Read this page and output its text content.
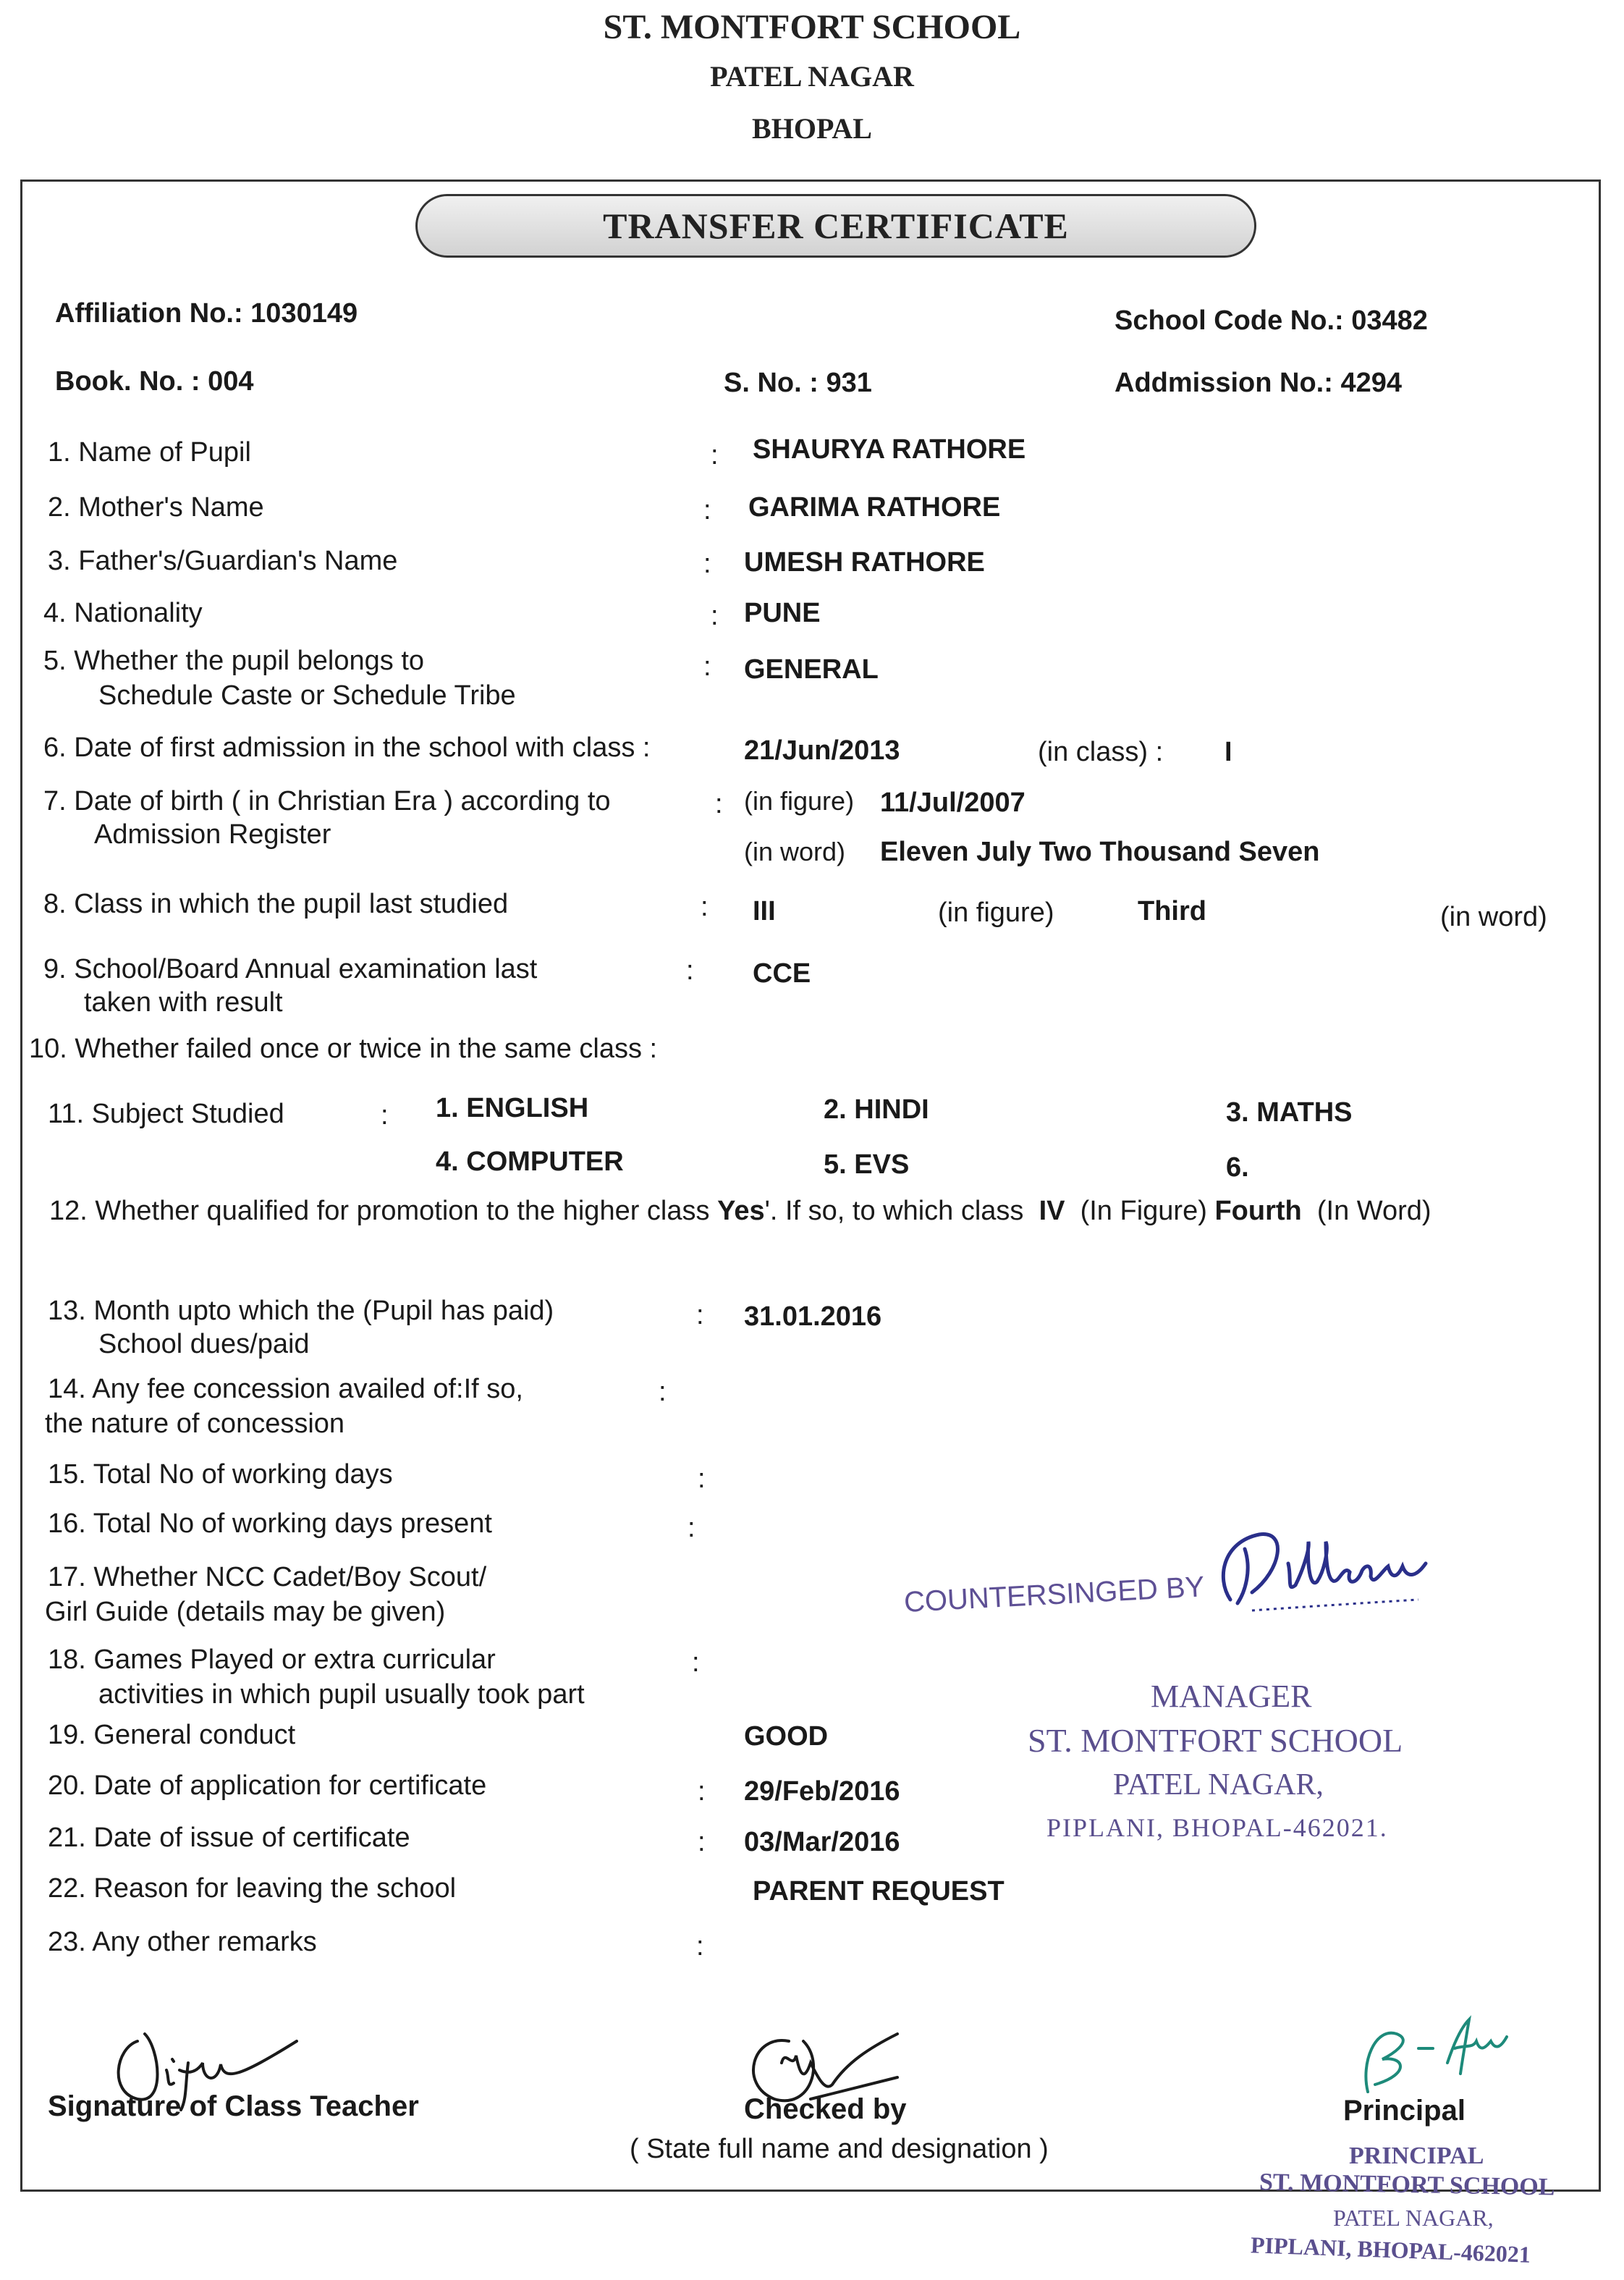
ST. MONTFORT SCHOOL
PATEL NAGAR
BHOPAL
TRANSFER CERTIFICATE
Affiliation No.: 1030149	School Code No.: 03482
Book. No. : 004	S. No. : 931	Addmission No.: 4294
1. Name of Pupil	: SHAURYA RATHORE
2. Mother's Name	: GARIMA RATHORE
3. Father's/Guardian's Name	: UMESH RATHORE
4. Nationality	: PUNE
5. Whether the pupil belongs to
Schedule Caste or Schedule Tribe
: GENERAL
6. Date of first admission in the school with class :	21/Jun/2013	(in class) : I
7. Date of birth ( in Christian Era ) according to
Admission Register
: (in figure) 11/Jul/2007
(in word) Eleven July Two Thousand Seven
8. Class in which the pupil last studied	: III	(in figure)	Third	(in word)
9. School/Board Annual examination last
taken with result
: CCE
10. Whether failed once or twice in the same class :
11. Subject Studied	: 1. ENGLISH	2. HINDI	3. MATHS
4. COMPUTER	5. EVS	6.
12. Whether qualified for promotion to the higher class Yes'. If so, to which class IV (In Figure) Fourth (In Word)
13. Month upto which the (Pupil has paid)
School dues/paid
: 31.01.2016
14. Any fee concession availed of:If so,
the nature of concession
:
15. Total No of working days	:
16. Total No of working days present	:
17. Whether NCC Cadet/Boy Scout/
Girl Guide (details may be given)
18. Games Played or extra curricular
activities in which pupil usually took part
:
19. General conduct	GOOD
20. Date of application for certificate	: 29/Feb/2016
21. Date of issue of certificate	: 03/Mar/2016
22. Reason for leaving the school	PARENT REQUEST
23. Any other remarks	:
COUNTERSINGED BY
MANAGER
ST. MONTFORT SCHOOL
PATEL NAGAR,
PIPLANI, BHOPAL-462021.
Signature of Class Teacher	Checked by
( State full name and designation )
Principal
PRINCIPAL
ST. MONTFORT SCHOOL
PATEL NAGAR,
PIPLANI, BHOPAL-462021
